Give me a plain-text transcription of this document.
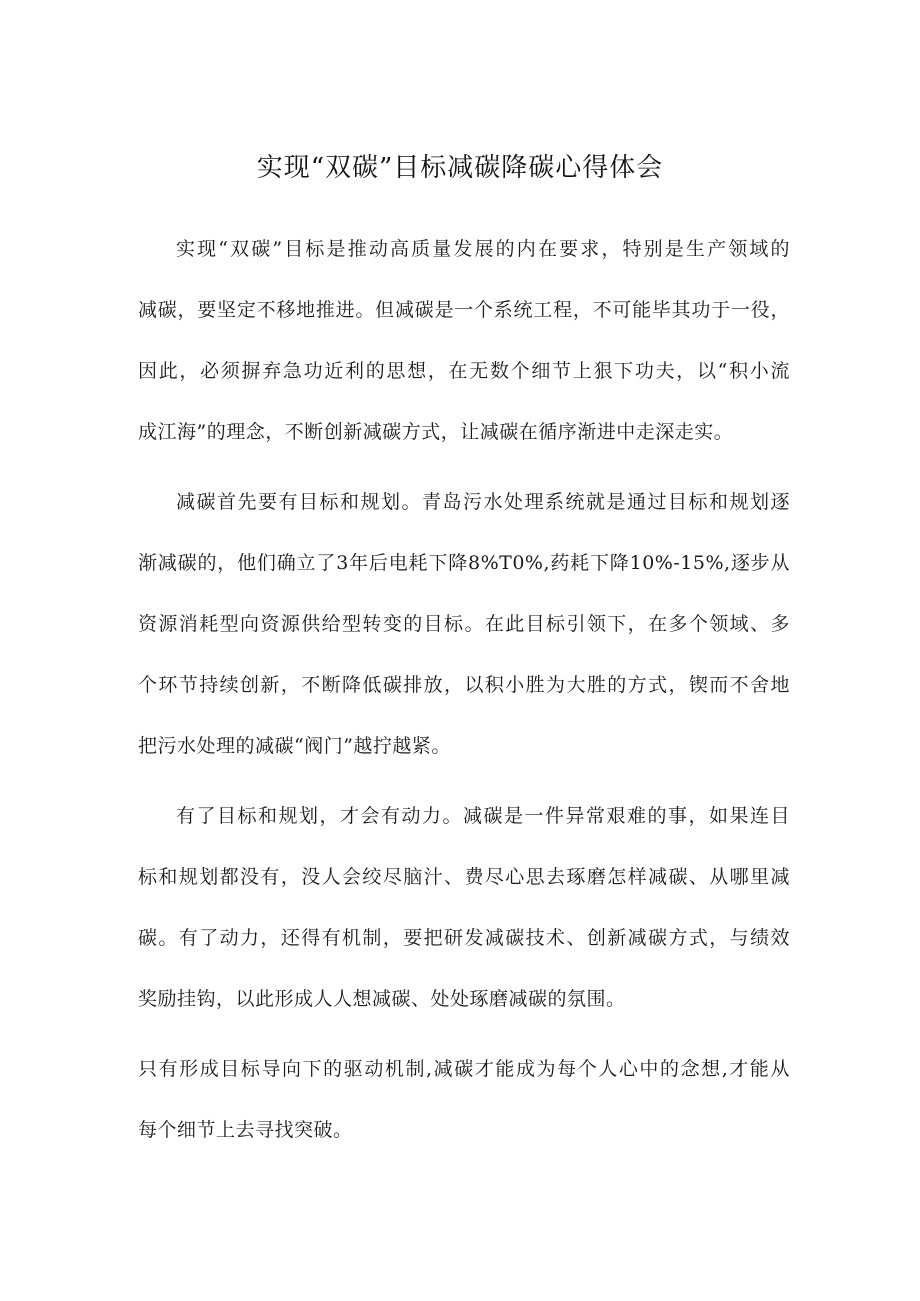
实现“双碳”目标减碳降碳心得体会
实现“双碳”目标是推动高质量发展的内在要求，特别是生产领域的
减碳，要坚定不移地推进。但减碳是一个系统工程，不可能毕其功于一役，
因此，必须摒弃急功近利的思想，在无数个细节上狠下功夫，以“积小流
成江海”的理念，不断创新减碳方式，让减碳在循序渐进中走深走实。
减碳首先要有目标和规划。青岛污水处理系统就是通过目标和规划逐
渐减碳的，他们确立了3年后电耗下降8%T0%,药耗下降10%-15%,逐步从
资源消耗型向资源供给型转变的目标。在此目标引领下，在多个领域、多
个环节持续创新，不断降低碳排放，以积小胜为大胜的方式，锲而不舍地
把污水处理的减碳“阀门”越拧越紧。
有了目标和规划，才会有动力。减碳是一件异常艰难的事，如果连目
标和规划都没有，没人会绞尽脑汁、费尽心思去琢磨怎样减碳、从哪里减
碳。有了动力，还得有机制，要把研发减碳技术、创新减碳方式，与绩效
奖励挂钩，以此形成人人想减碳、处处琢磨减碳的氛围。
只有形成目标导向下的驱动机制,减碳才能成为每个人心中的念想,才能从
每个细节上去寻找突破。
